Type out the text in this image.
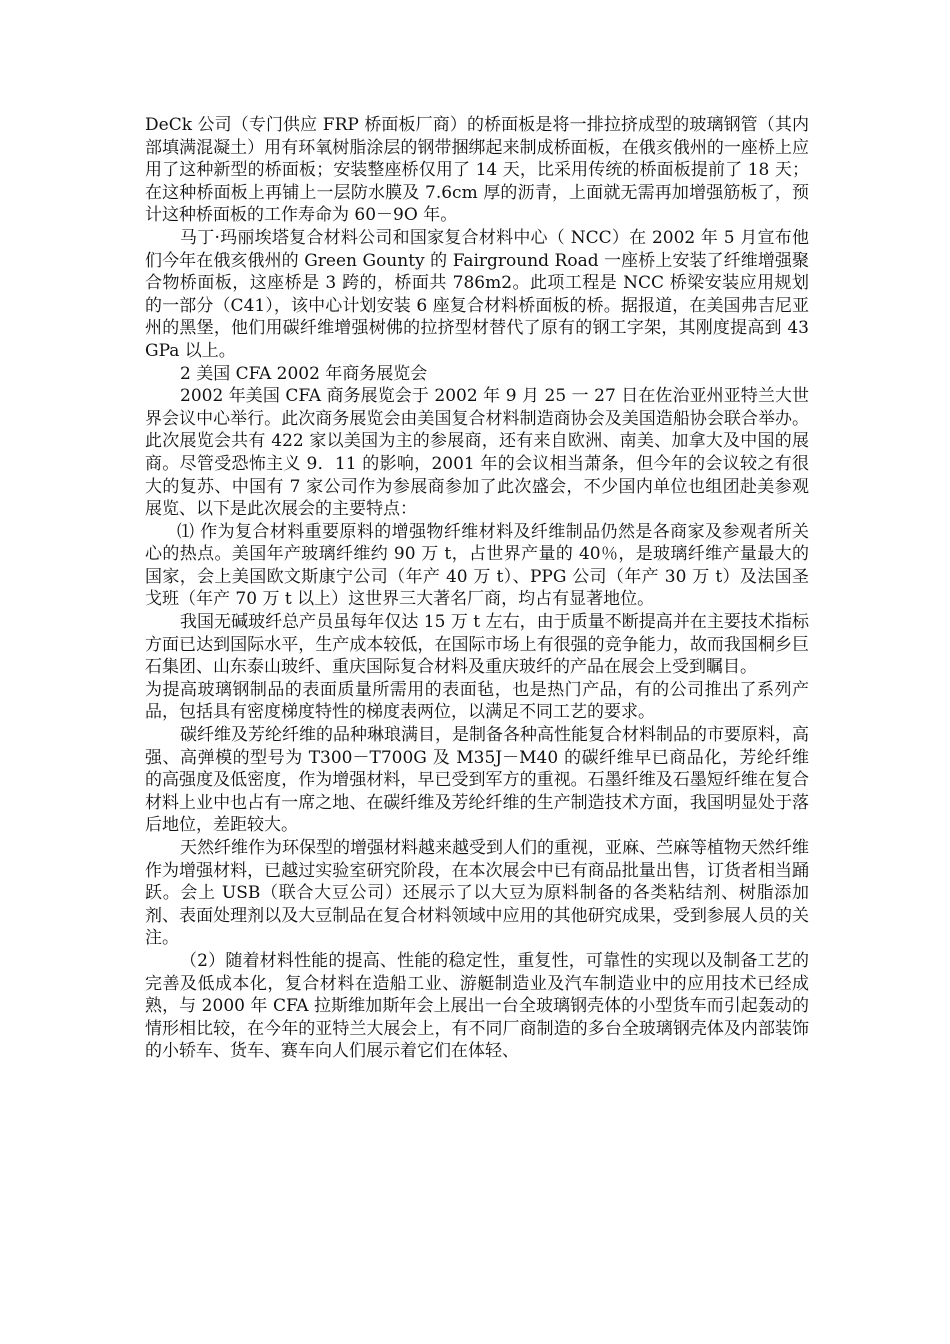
DeCk 公司（专门供应 FRP 桥面板厂商）的桥面板是将一排拉挤成型的玻璃钢管（其内部填满混凝土）用有环氧树脂涂层的钢带捆绑起来制成桥面板，在俄亥俄州的一座桥上应用了这种新型的桥面板；安装整座桥仅用了 14 天，比采用传统的桥面板提前了 18 天；在这种桥面板上再铺上一层防水膜及 7.6cm 厚的沥青，上面就无需再加增强筋板了，预计这种桥面板的工作寿命为 60－9O 年。

马丁·玛丽埃塔复合材料公司和国家复合材料中心（ NCC）在 2002 年 5 月宣布他们今年在俄亥俄州的 Green Gounty 的 Fairground Road 一座桥上安装了纤维增强聚合物桥面板，这座桥是 3 跨的，桥面共 786m2。此项工程是 NCC 桥梁安装应用规划的一部分（C41），该中心计划安装 6 座复合材料桥面板的桥。据报道，在美国弗吉尼亚州的黑堡，他们用碳纤维增强树佛的拉挤型材替代了原有的钢工字架，其刚度提高到 43 GPa 以上。

2 美国 CFA 2002 年商务展览会

2002 年美国 CFA 商务展览会于 2002 年 9 月 25 一 27 日在佐治亚州亚特兰大世界会议中心举行。此次商务展览会由美国复合材料制造商协会及美国造船协会联合举办。此次展览会共有 422 家以美国为主的参展商，还有来自欧洲、南美、加拿大及中国的展商。尽管受恐怖主义 9．11 的影响，2001 年的会议相当萧条，但今年的会议较之有很大的复苏、中国有 7 家公司作为参展商参加了此次盛会，不少国内单位也组团赴美参观展览、以下是此次展会的主要特点：

⑴ 作为复合材料重要原料的增强物纤维材料及纤维制品仍然是各商家及参观者所关心的热点。美国年产玻璃纤维约 90 万 t，占世界产量的 40％，是玻璃纤维产量最大的国家，会上美国欧文斯康宁公司（年产 40 万 t）、PPG 公司（年产 30 万 t）及法国圣戈班（年产 70 万 t 以上）这世界三大著名厂商，均占有显著地位。

我国无碱玻纤总产员虽每年仅达 15 万 t 左右，由于质量不断提高并在主要技术指标方面已达到国际水平，生产成本较低，在国际市场上有很强的竞争能力，故而我国桐乡巨石集团、山东泰山玻纤、重庆国际复合材料及重庆玻纤的产品在展会上受到瞩目。

为提高玻璃钢制品的表面质量所需用的表面毡，也是热门产品，有的公司推出了系列产品，包括具有密度梯度特性的梯度表两位，以满足不同工艺的要求。

碳纤维及芳纶纤维的品种琳琅满目，是制备各种高性能复合材料制品的市要原料，高强、高弹模的型号为 T300－T700G 及 M35J－M40 的碳纤维早已商品化，芳纶纤维的高强度及低密度，作为增强材料，早已受到军方的重视。石墨纤维及石墨短纤维在复合材料上业中也占有一席之地、在碳纤维及芳纶纤维的生产制造技术方面，我国明显处于落后地位，差距较大。

天然纤维作为环保型的增强材料越来越受到人们的重视，亚麻、苎麻等植物天然纤维作为增强材料，已越过实验室研究阶段，在本次展会中已有商品批量出售，订货者相当踊跃。会上 USB（联合大豆公司）还展示了以大豆为原料制备的各类粘结剂、树脂添加剂、表面处理剂以及大豆制品在复合材料领域中应用的其他研究成果，受到参展人员的关注。

（2）随着材料性能的提高、性能的稳定性，重复性，可靠性的实现以及制备工艺的完善及低成本化，复合材料在造船工业、游艇制造业及汽车制造业中的应用技术已经成熟，与 2000 年 CFA 拉斯维加斯年会上展出一台全玻璃钢壳体的小型货车而引起轰动的情形相比较，在今年的亚特兰大展会上，有不同厂商制造的多台全玻璃钢壳体及内部装饰的小轿车、货车、赛车向人们展示着它们在体轻、
